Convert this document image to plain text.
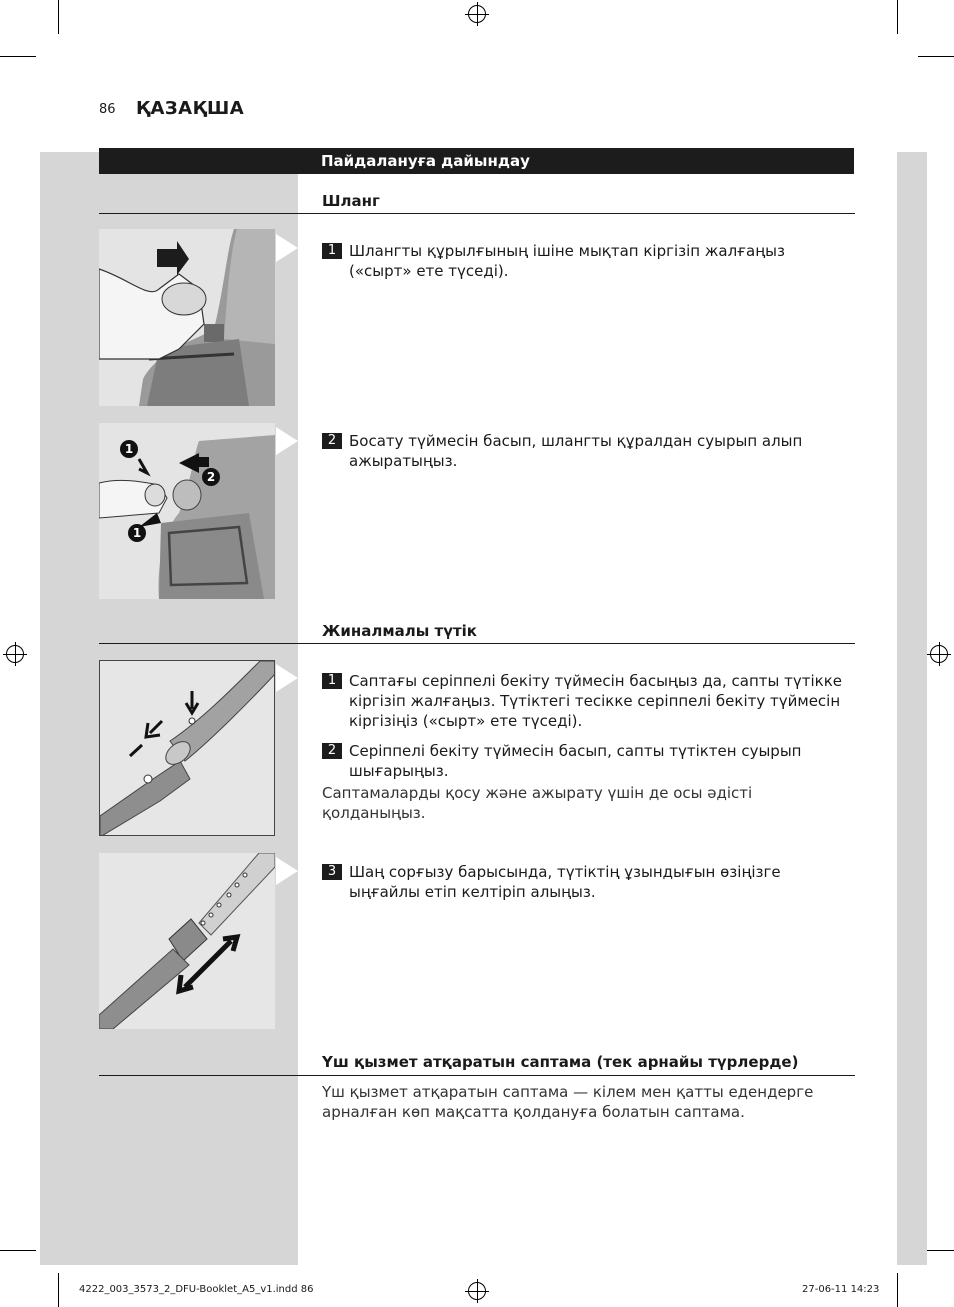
86 ҚАЗАҚША
Пайдалануға дайындау
Шланг
1 Шлангты құрылғының ішіне мықтап кіргізіп жалғаңыз («сырт» ете түседі).
1
2
1
2 Босату түймесін басып, шлангты құралдан суырып алып ажыратыңыз.
Жиналмалы түтік
1 Саптағы серіппелі бекіту түймесін басыңыз да, сапты түтікке кіргізіп жалғаңыз. Түтіктегі тесікке серіппелі бекіту түймесін кіргізіңіз («сырт» ете түседі).
2 Серіппелі бекіту түймесін басып, сапты түтіктен суырып шығарыңыз.
Саптамаларды қосу және ажырату үшін де осы әдісті қолданыңыз.
3 Шаң сорғызу барысында, түтіктің ұзындығын өзіңізге ыңғайлы етіп келтіріп алыңыз.
Үш қызмет атқаратын саптама (тек арнайы түрлерде)
Үш қызмет атқаратын саптама — кілем мен қатты едендерге арналған көп мақсатта қолдануға болатын саптама.
4222_003_3573_2_DFU-Booklet_A5_v1.indd 86	27-06-11 14:23
